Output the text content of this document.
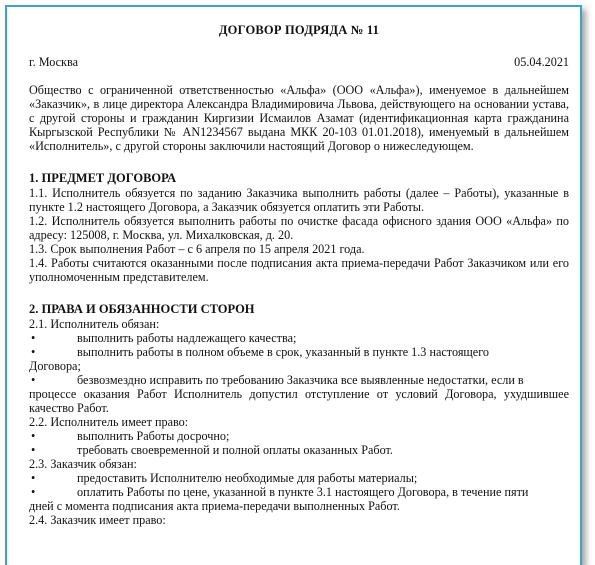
ДОГОВОР ПОДРЯДА № 11
г. Москва	05.04.2021

Общество с ограниченной ответственностью «Альфа» (ООО «Альфа»), именуемое в дальнейшем «Заказчик», в лице директора Александра Владимировича Львова, действующего на основании устава, с другой стороны и гражданин Киргизии Исмаилов Азамат (идентификационная карта гражданина Кыргызской Республики № AN1234567 выдана МКК 20-103 01.01.2018), именуемый в дальнейшем «Исполнитель», с другой стороны заключили настоящий Договор о нижеследующем.

1. ПРЕДМЕТ ДОГОВОРА

1.1. Исполнитель обязуется по заданию Заказчика выполнить работы (далее – Работы), указанные в пункте 1.2 настоящего Договора, а Заказчик обязуется оплатить эти Работы.

1.2. Исполнитель обязуется выполнить работы по очистке фасада офисного здания ООО «Альфа» по адресу: 125008, г. Москва, ул. Михалковская, д. 20.

1.3. Срок выполнения Работ – с 6 апреля по 15 апреля 2021 года.

1.4. Работы считаются оказанными после подписания акта приема-передачи Работ Заказчиком или его уполномоченным представителем.

2. ПРАВА И ОБЯЗАННОСТИ СТОРОН

2.1. Исполнитель обязан:

•	выполнить работы надлежащего качества;
•	выполнить работы в полном объеме в срок, указанный в пункте 1.3 настоящего

Договора;

•	безвозмездно исправить по требованию Заказчика все выявленные недостатки, если в

процессе оказания Работ Исполнитель допустил отступление от условий Договора, ухудшившее качество Работ.

2.2. Исполнитель имеет право:

•	выполнить Работы досрочно;
•	требовать своевременной и полной оплаты оказанных Работ.

2.3. Заказчик обязан:

•	предоставить Исполнителю необходимые для работы материалы;
•	оплатить Работы по цене, указанной в пункте 3.1 настоящего Договора, в течение пяти

дней с момента подписания акта приема-передачи выполненных Работ.

2.4. Заказчик имеет право:
